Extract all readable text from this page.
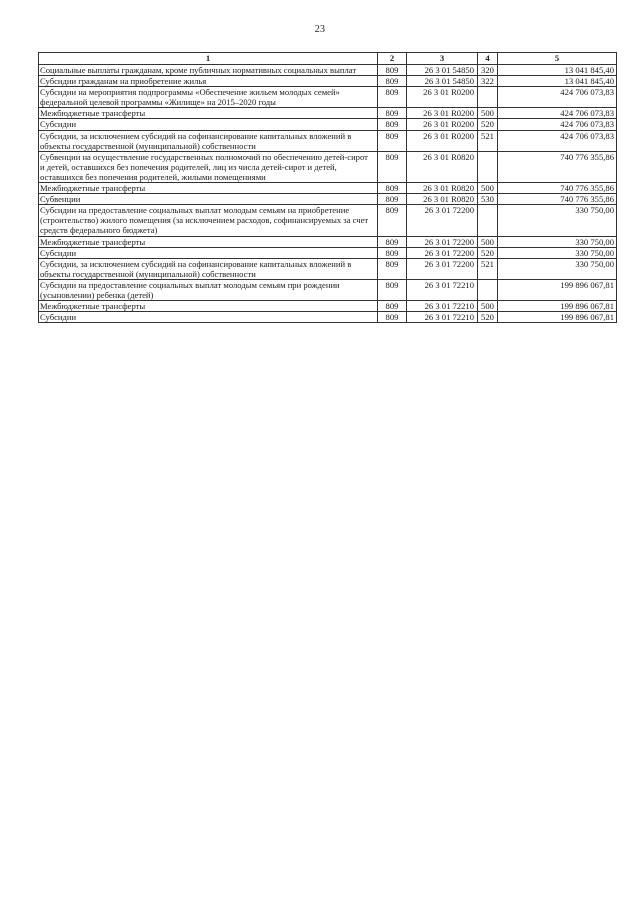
23
1	2	3	4	5
Социальные выплаты гражданам, кроме публичных нормативных социальных выплат	809	26 3 01 54850	320	13 041 845,40
Субсидии гражданам на приобретение жилья	809	26 3 01 54850	322	13 041 845,40
Субсидии на мероприятия подпрограммы «Обеспечение жильем молодых семей» федеральной целевой программы «Жилище» на 2015–2020 годы	809	26 3 01 R0200		424 706 073,83
Межбюджетные трансферты	809	26 3 01 R0200	500	424 706 073,83
Субсидии	809	26 3 01 R0200	520	424 706 073,83
Субсидии, за исключением субсидий на софинансирование капитальных вложений в объекты государственной (муниципальной) собственности	809	26 3 01 R0200	521	424 706 073,83
Субвенции на осуществление государственных полномочий по обеспечению детей-сирот и детей, оставшихся без попечения родителей, лиц из числа детей-сирот и детей, оставшихся без попечения родителей, жилыми помещениями	809	26 3 01 R0820		740 776 355,86
Межбюджетные трансферты	809	26 3 01 R0820	500	740 776 355,86
Субвенции	809	26 3 01 R0820	530	740 776 355,86
Субсидии на предоставление социальных выплат молодым семьям на приобретение (строительство) жилого помещения (за исключением расходов, софинансируемых за счет средств федерального бюджета)	809	26 3 01 72200		330 750,00
Межбюджетные трансферты	809	26 3 01 72200	500	330 750,00
Субсидии	809	26 3 01 72200	520	330 750,00
Субсидии, за исключением субсидий на софинансирование капитальных вложений в объекты государственной (муниципальной) собственности	809	26 3 01 72200	521	330 750,00
Субсидии на предоставление социальных выплат молодым семьям при рождении (усыновлении) ребенка (детей)	809	26 3 01 72210		199 896 067,81
Межбюджетные трансферты	809	26 3 01 72210	500	199 896 067,81
Субсидии	809	26 3 01 72210	520	199 896 067,81
